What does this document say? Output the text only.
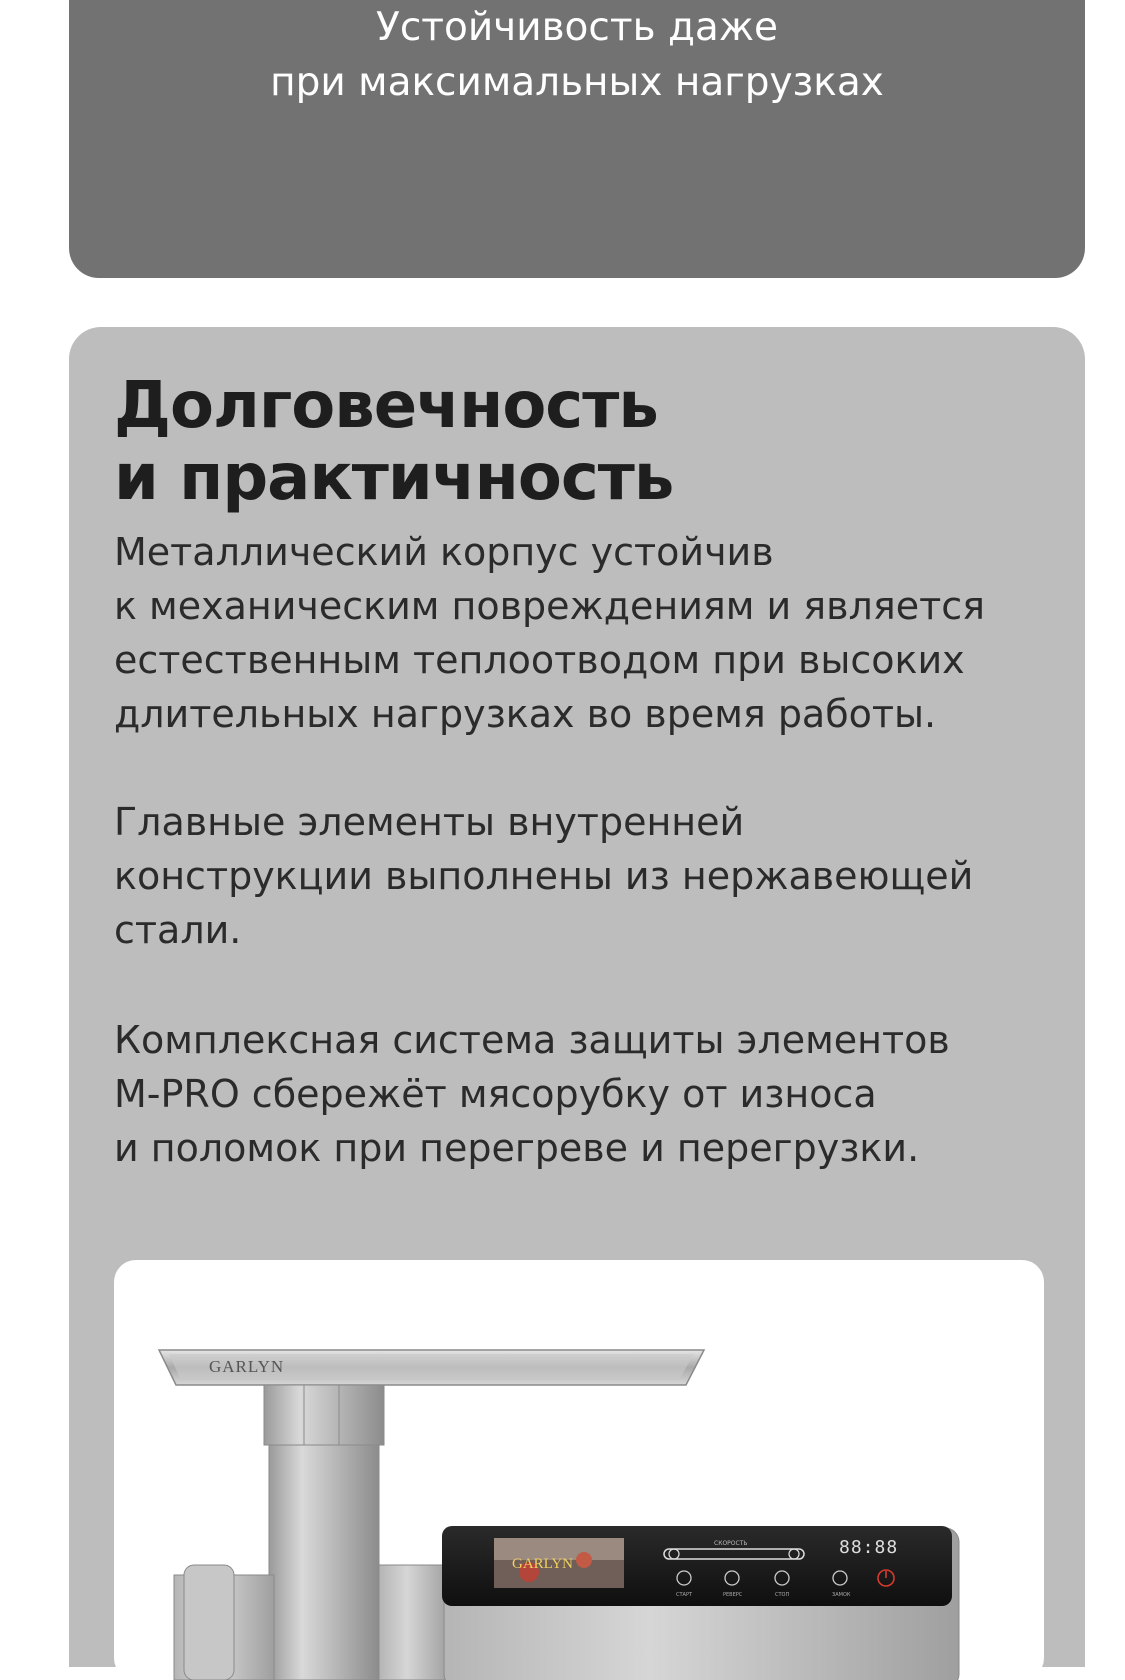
Устойчивость даже
при максимальных нагрузках
Долговечность
и практичность

Металлический корпус устойчив
к механическим повреждениям и является
естественным теплоотводом при высоких
длительных нагрузках во время работы.

Главные элементы внутренней
конструкции выполнены из нержавеющей
стали.

Комплексная система защиты элементов
M-PRO сбережёт мясорубку от износа
и поломок при перегреве и перегрузки.

GARLYN
GARLYN
СКОРОСТЬ	88:88
СТАРТ	РЕВЕРС	СТОП	ЗАМОК
